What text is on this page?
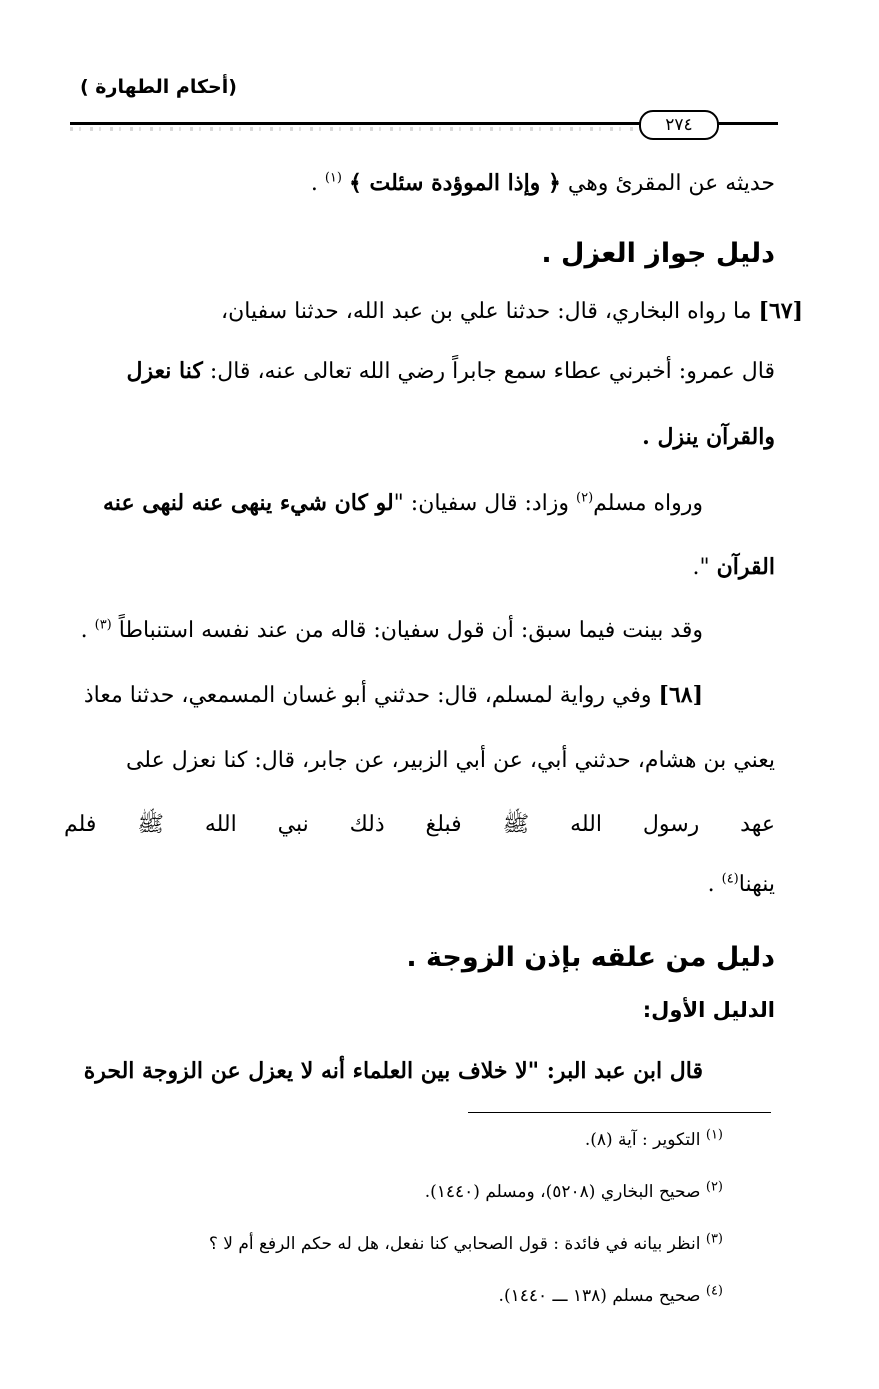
(أحكام الطهارة )
٢٧٤
حديثه عن المقرئ وهي ﴿ وإذا الموؤدة سئلت ﴾ $^{(١)}$ .
دليل جواز العزل .
[٦٧] ما رواه البخاري، قال: حدثنا علي بن عبد الله، حدثنا سفيان،
قال عمرو: أخبرني عطاء سمع جابراً رضي الله تعالى عنه، قال: كنا نعزل
والقرآن ينزل .
ورواه مسلم$^{(٢)}$ وزاد: قال سفيان: "لو كان شيء ينهى عنه لنهى عنه
القرآن ".
وقد بينت فيما سبق: أن قول سفيان: قاله من عند نفسه استنباطاً $^{(٣)}$ .
[٦٨] وفي رواية لمسلم، قال: حدثني أبو غسان المسمعي، حدثنا معاذ
يعني بن هشام، حدثني أبي، عن أبي الزبير، عن جابر، قال: كنا نعزل على
عهد رسول الله ﷺ فبلغ ذلك نبي الله ﷺ فلم
ينهنا$^{(٤)}$ .
دليل من علقه بإذن الزوجة .
الدليل الأول:
قال ابن عبد البر: "لا خلاف بين العلماء أنه لا يعزل عن الزوجة الحرة
$^{(١)}$ التكوير : آية (٨).
$^{(٢)}$ صحيح البخاري (٥٢٠٨)، ومسلم (١٤٤٠).
$^{(٣)}$ انظر بيانه في فائدة : قول الصحابي كنا نفعل، هل له حكم الرفع أم لا ؟
$^{(٤)}$ صحيح مسلم (١٣٨ ـــ ١٤٤٠).
